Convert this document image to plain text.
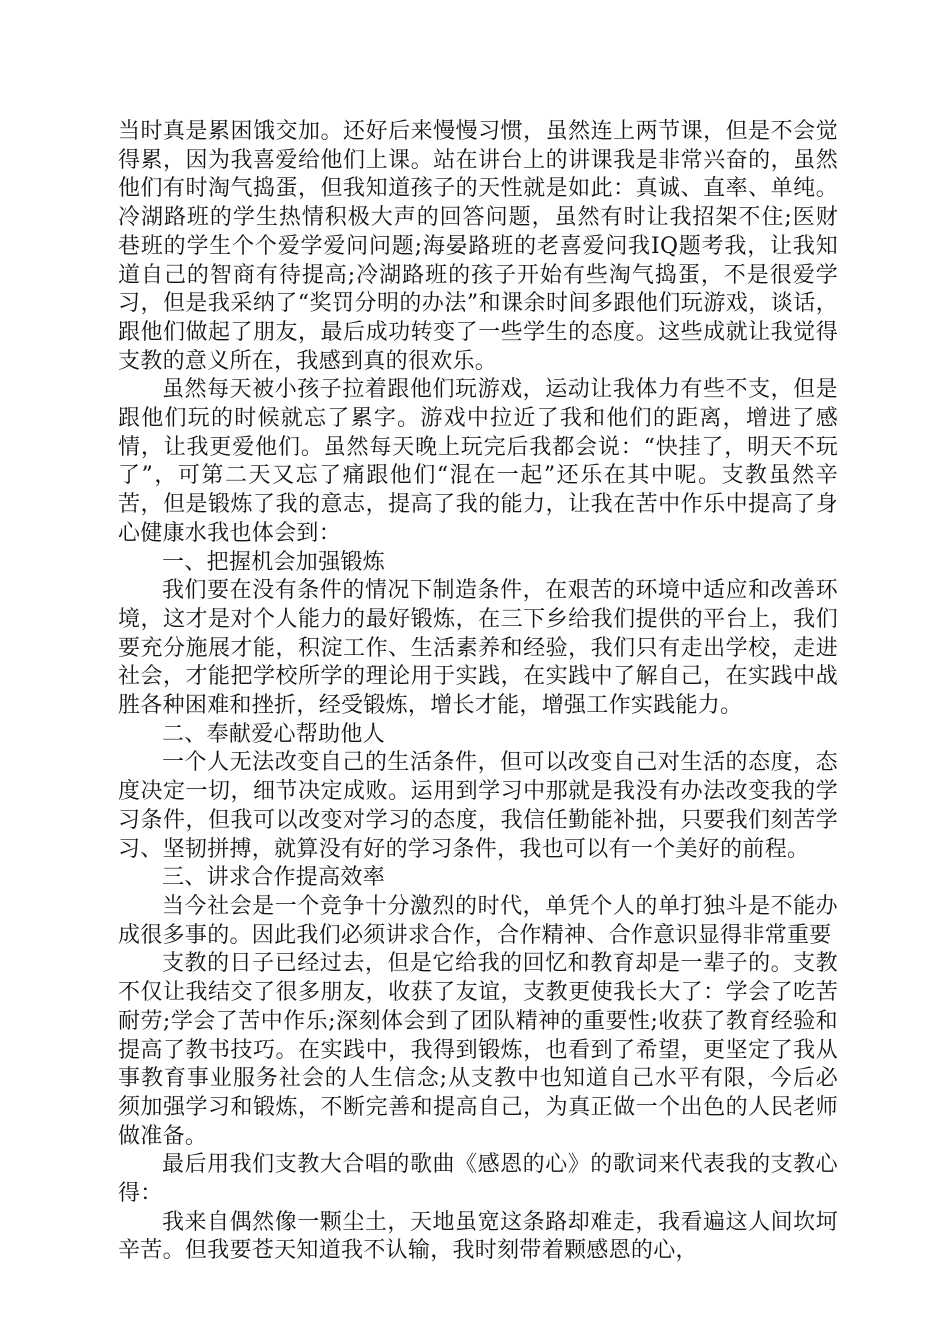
当时真是累困饿交加。还好后来慢慢习惯，虽然连上两节课，但是不会觉得累，因为我喜爱给他们上课。站在讲台上的讲课我是非常兴奋的，虽然他们有时淘气捣蛋，但我知道孩子的天性就是如此：真诚、直率、单纯。冷湖路班的学生热情积极大声的回答问题，虽然有时让我招架不住;医财巷班的学生个个爱学爱问问题;海晏路班的老喜爱问我IQ题考我，让我知道自己的智商有待提高;冷湖路班的孩子开始有些淘气捣蛋，不是很爱学习，但是我采纳了“奖罚分明的办法”和课余时间多跟他们玩游戏，谈话，跟他们做起了朋友，最后成功转变了一些学生的态度。这些成就让我觉得支教的意义所在，我感到真的很欢乐。

虽然每天被小孩子拉着跟他们玩游戏，运动让我体力有些不支，但是跟他们玩的时候就忘了累字。游戏中拉近了我和他们的距离，增进了感情，让我更爱他们。虽然每天晚上玩完后我都会说：“快挂了，明天不玩了”，可第二天又忘了痛跟他们“混在一起”还乐在其中呢。支教虽然辛苦，但是锻炼了我的意志，提高了我的能力，让我在苦中作乐中提高了身心健康水我也体会到：

一、把握机会加强锻炼

我们要在没有条件的情况下制造条件，在艰苦的环境中适应和改善环境，这才是对个人能力的最好锻炼，在三下乡给我们提供的平台上，我们要充分施展才能，积淀工作、生活素养和经验，我们只有走出学校，走进社会，才能把学校所学的理论用于实践，在实践中了解自己，在实践中战胜各种困难和挫折，经受锻炼，增长才能，增强工作实践能力。

二、奉献爱心帮助他人

一个人无法改变自己的生活条件，但可以改变自己对生活的态度，态度决定一切，细节决定成败。运用到学习中那就是我没有办法改变我的学习条件，但我可以改变对学习的态度，我信任勤能补拙，只要我们刻苦学习、坚韧拼搏，就算没有好的学习条件，我也可以有一个美好的前程。

三、讲求合作提高效率

当今社会是一个竞争十分激烈的时代，单凭个人的单打独斗是不能办成很多事的。因此我们必须讲求合作，合作精神、合作意识显得非常重要

支教的日子已经过去，但是它给我的回忆和教育却是一辈子的。支教不仅让我结交了很多朋友，收获了友谊，支教更使我长大了：学会了吃苦耐劳;学会了苦中作乐;深刻体会到了团队精神的重要性;收获了教育经验和提高了教书技巧。在实践中，我得到锻炼，也看到了希望，更坚定了我从事教育事业服务社会的人生信念;从支教中也知道自己水平有限，今后必须加强学习和锻炼，不断完善和提高自己，为真正做一个出色的人民老师做准备。

最后用我们支教大合唱的歌曲《感恩的心》的歌词来代表我的支教心得：

我来自偶然像一颗尘土，天地虽宽这条路却难走，我看遍这人间坎坷辛苦。但我要苍天知道我不认输，我时刻带着颗感恩的心，
